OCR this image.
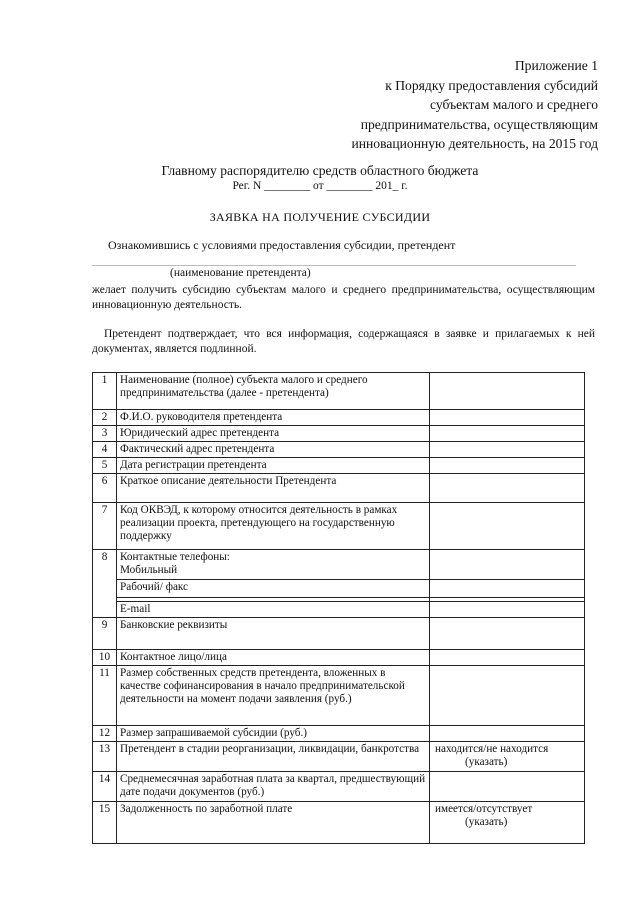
Приложение 1
к Порядку предоставления субсидий
субъектам малого и среднего
предпринимательства, осуществляющим
инновационную деятельность, на 2015 год
Главному распорядителю средств областного бюджета
Рег. N ________ от ________ 201_ г.
ЗАЯВКА НА ПОЛУЧЕНИЕ СУБСИДИИ
Ознакомившись с условиями предоставления субсидии, претендент
(наименование претендента)
желает получить субсидию субъектам малого и среднего предпринимательства, осуществляющим инновационную деятельность.
Претендент подтверждает, что вся информация, содержащаяся в заявке и прилагаемых к ней документах, является подлинной.
1	Наименование (полное) субъекта малого и среднего предпринимательства (далее - претендента)	
2	Ф.И.О. руководителя претендента	
3	Юридический адрес претендента	
4	Фактический адрес претендента	
5	Дата регистрации претендента	
6	Краткое описание деятельности Претендента	
7	Код ОКВЭД, к которому относится деятельность в рамках реализации проекта, претендующего на государственную поддержку	
8	Контактные телефоны:
Мобильный	

	Рабочий/ факс	

	E-mail	
9	Банковские реквизиты	
10	Контактное лицо/лица	
11	Размер собственных средств претендента, вложенных в качестве софинансирования в начало предпринимательской деятельности на момент подачи заявления (руб.)	
12	Размер запрашиваемой субсидии (руб.)	
13	Претендент в стадии реорганизации, ликвидации, банкротства	находится/не находится
(указать)

14	Среднемесячная заработная плата за квартал, предшествующий дате подачи документов (руб.)	
15	Задолженность по заработной плате	имеется/отсутствует
(указать)
